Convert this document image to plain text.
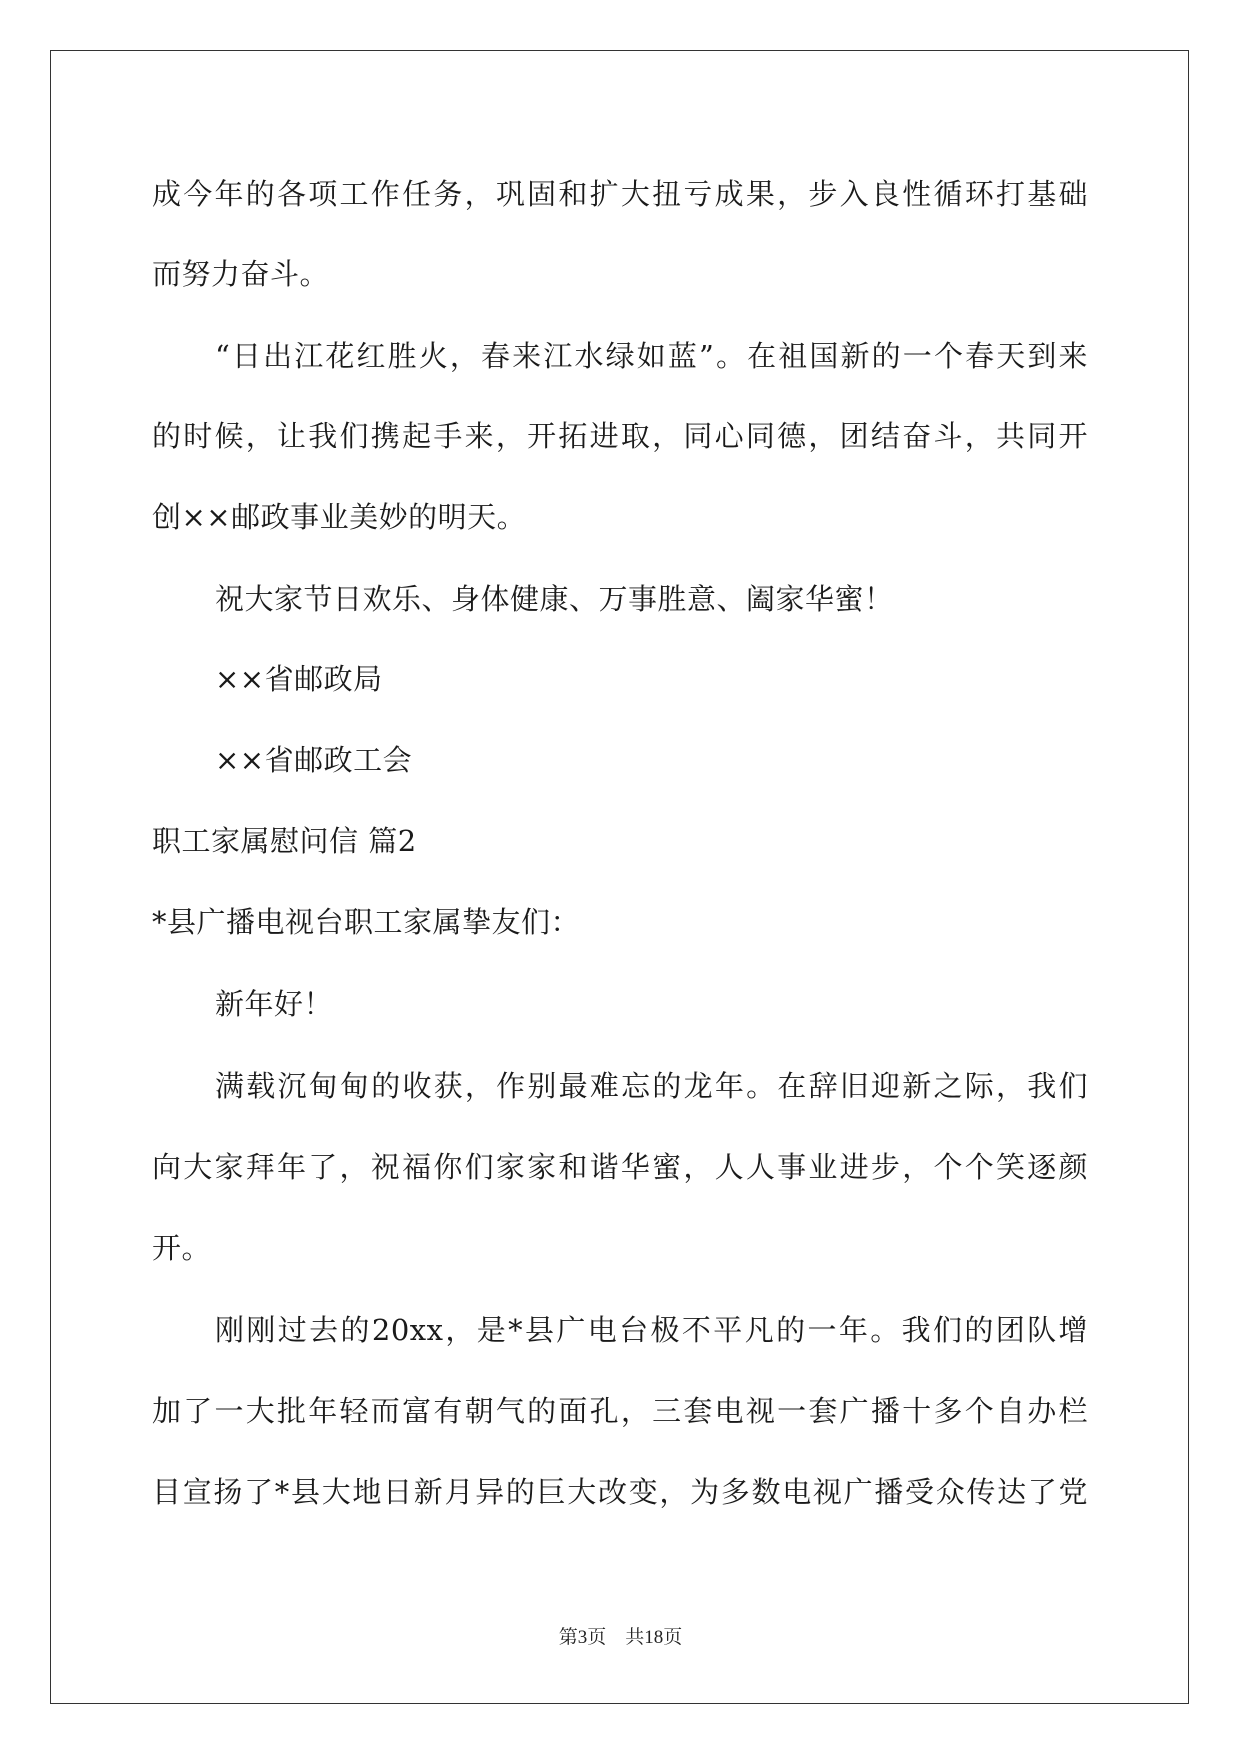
成今年的各项工作任务，巩固和扩大扭亏成果，步入良性循环打基础
而努力奋斗。
“日出江花红胜火，春来江水绿如蓝”。在祖国新的一个春天到来
的时候，让我们携起手来，开拓进取，同心同德，团结奋斗，共同开
创××邮政事业美妙的明天。
祝大家节日欢乐、身体健康、万事胜意、阖家华蜜！
××省邮政局
××省邮政工会
职工家属慰问信 篇2
*县广播电视台职工家属挚友们：
新年好！
满载沉甸甸的收获，作别最难忘的龙年。在辞旧迎新之际，我们
向大家拜年了，祝福你们家家和谐华蜜，人人事业进步，个个笑逐颜
开。
刚刚过去的20xx，是*县广电台极不平凡的一年。我们的团队增
加了一大批年轻而富有朝气的面孔，三套电视一套广播十多个自办栏
目宣扬了*县大地日新月异的巨大改变，为多数电视广播受众传达了党
第3页 共18页
